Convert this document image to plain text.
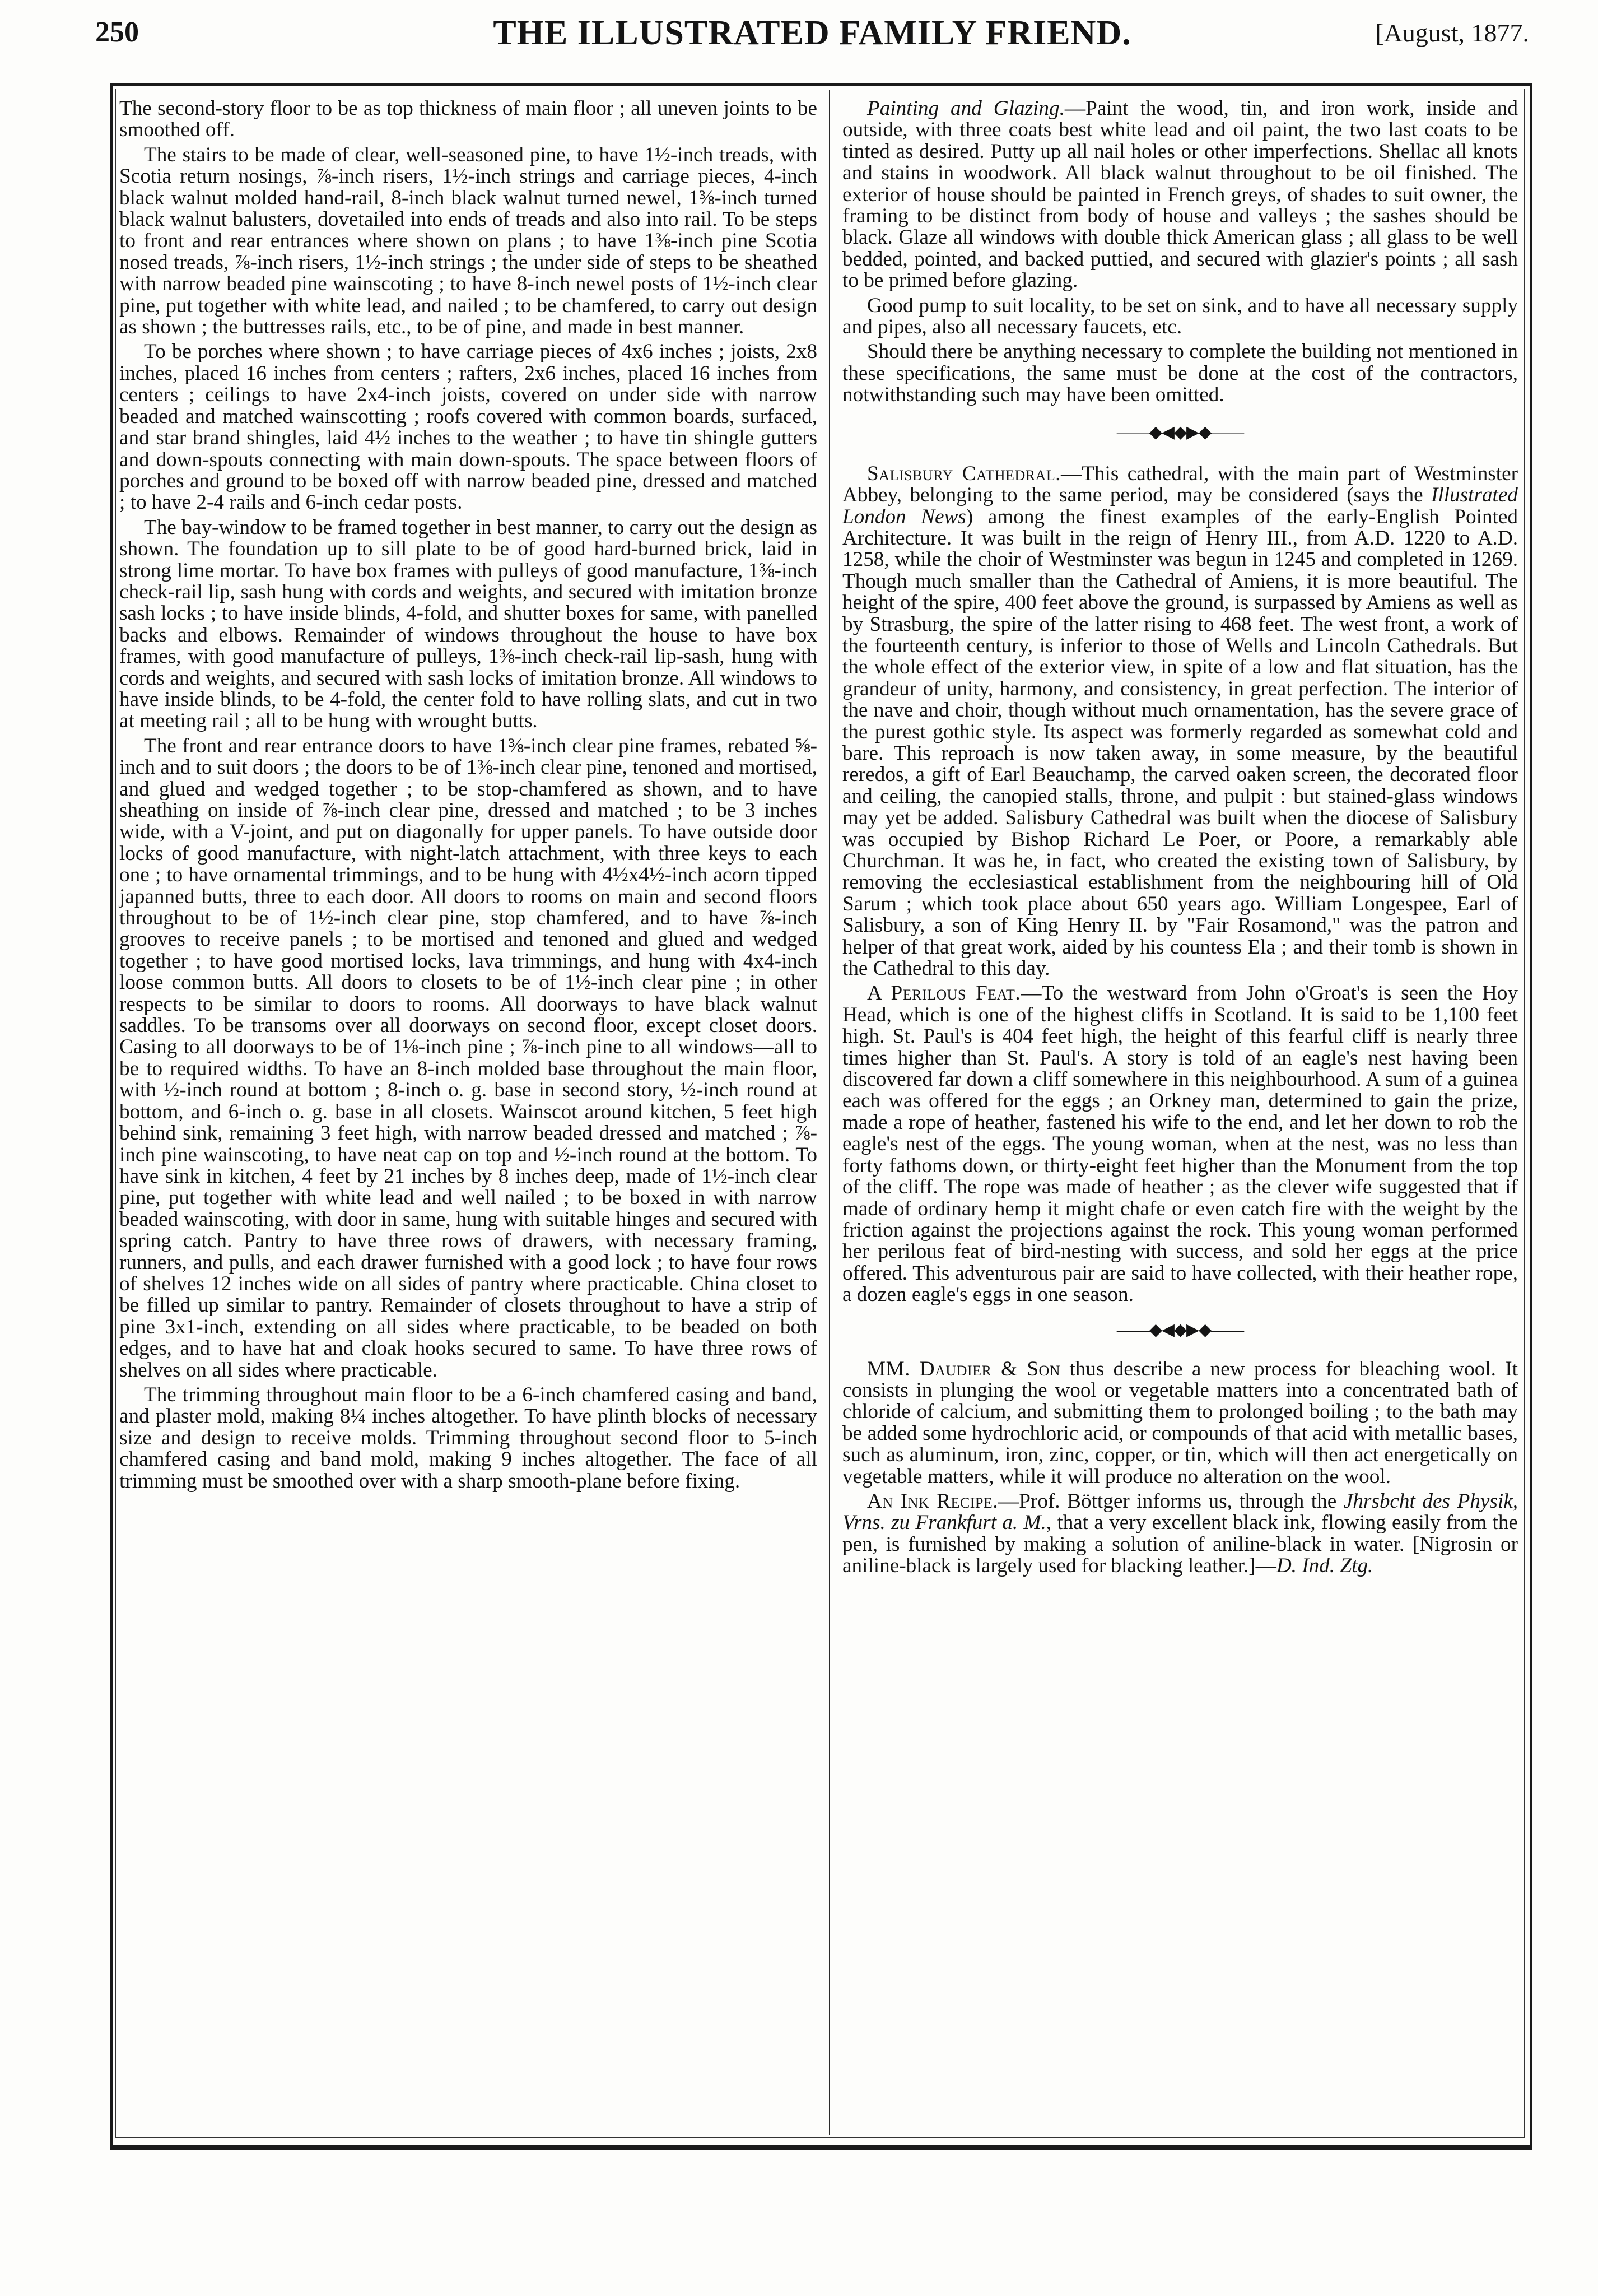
250	THE ILLUSTRATED FAMILY FRIEND.	[August, 1877.

The second-story floor to be as top thickness of main floor ; all uneven joints to be smoothed off.

The stairs to be made of clear, well-seasoned pine, to have 1½-inch treads, with Scotia return nosings, ⅞-inch risers, 1½-inch strings and carriage pieces, 4-inch black walnut molded hand-rail, 8-inch black walnut turned newel, 1⅜-inch turned black walnut balusters, dovetailed into ends of treads and also into rail. To be steps to front and rear entrances where shown on plans ; to have 1⅜-inch pine Scotia nosed treads, ⅞-inch risers, 1½-inch strings ; the under side of steps to be sheathed with narrow beaded pine wainscoting ; to have 8-inch newel posts of 1½-inch clear pine, put together with white lead, and nailed ; to be chamfered, to carry out design as shown ; the buttresses rails, etc., to be of pine, and made in best manner.

To be porches where shown ; to have carriage pieces of 4x6 inches ; joists, 2x8 inches, placed 16 inches from centers ; rafters, 2x6 inches, placed 16 inches from centers ; ceilings to have 2x4-inch joists, covered on under side with narrow beaded and matched wainscotting ; roofs covered with common boards, surfaced, and star brand shingles, laid 4½ inches to the weather ; to have tin shingle gutters and down-spouts connecting with main down-spouts. The space between floors of porches and ground to be boxed off with narrow beaded pine, dressed and matched ; to have 2-4 rails and 6-inch cedar posts.

The bay-window to be framed together in best manner, to carry out the design as shown. The foundation up to sill plate to be of good hard-burned brick, laid in strong lime mortar. To have box frames with pulleys of good manufacture, 1⅜-inch check-rail lip, sash hung with cords and weights, and secured with imitation bronze sash locks ; to have inside blinds, 4-fold, and shutter boxes for same, with panelled backs and elbows. Remainder of windows throughout the house to have box frames, with good manufacture of pulleys, 1⅜-inch check-rail lip-sash, hung with cords and weights, and secured with sash locks of imitation bronze. All windows to have inside blinds, to be 4-fold, the center fold to have rolling slats, and cut in two at meeting rail ; all to be hung with wrought butts.

The front and rear entrance doors to have 1⅜-inch clear pine frames, rebated ⅝-inch and to suit doors ; the doors to be of 1⅜-inch clear pine, tenoned and mortised, and glued and wedged together ; to be stop-chamfered as shown, and to have sheathing on inside of ⅞-inch clear pine, dressed and matched ; to be 3 inches wide, with a V-joint, and put on diagonally for upper panels. To have outside door locks of good manufacture, with night-latch attachment, with three keys to each one ; to have ornamental trimmings, and to be hung with 4½x4½-inch acorn tipped japanned butts, three to each door. All doors to rooms on main and second floors throughout to be of 1½-inch clear pine, stop chamfered, and to have ⅞-inch grooves to receive panels ; to be mortised and tenoned and glued and wedged together ; to have good mortised locks, lava trimmings, and hung with 4x4-inch loose common butts. All doors to closets to be of 1½-inch clear pine ; in other respects to be similar to doors to rooms. All doorways to have black walnut saddles. To be transoms over all doorways on second floor, except closet doors. Casing to all doorways to be of 1⅛-inch pine ; ⅞-inch pine to all windows—all to be to required widths. To have an 8-inch molded base throughout the main floor, with ½-inch round at bottom ; 8-inch o. g. base in second story, ½-inch round at bottom, and 6-inch o. g. base in all closets. Wainscot around kitchen, 5 feet high behind sink, remaining 3 feet high, with narrow beaded dressed and matched ; ⅞-inch pine wainscoting, to have neat cap on top and ½-inch round at the bottom. To have sink in kitchen, 4 feet by 21 inches by 8 inches deep, made of 1½-inch clear pine, put together with white lead and well nailed ; to be boxed in with narrow beaded wainscoting, with door in same, hung with suitable hinges and secured with spring catch. Pantry to have three rows of drawers, with necessary framing, runners, and pulls, and each drawer furnished with a good lock ; to have four rows of shelves 12 inches wide on all sides of pantry where practicable. China closet to be filled up similar to pantry. Remainder of closets throughout to have a strip of pine 3x1-inch, extending on all sides where practicable, to be beaded on both edges, and to have hat and cloak hooks secured to same. To have three rows of shelves on all sides where practicable.

The trimming throughout main floor to be a 6-inch chamfered casing and band, and plaster mold, making 8¼ inches altogether. To have plinth blocks of necessary size and design to receive molds. Trimming throughout second floor to 5-inch chamfered casing and band mold, making 9 inches altogether. The face of all trimming must be smoothed over with a sharp smooth-plane before fixing.

Painting and Glazing.—Paint the wood, tin, and iron work, inside and outside, with three coats best white lead and oil paint, the two last coats to be tinted as desired. Putty up all nail holes or other imperfections. Shellac all knots and stains in woodwork. All black walnut throughout to be oil finished. The exterior of house should be painted in French greys, of shades to suit owner, the framing to be distinct from body of house and valleys ; the sashes should be black. Glaze all windows with double thick American glass ; all glass to be well bedded, pointed, and backed puttied, and secured with glazier's points ; all sash to be primed before glazing.

Good pump to suit locality, to be set on sink, and to have all necessary supply and pipes, also all necessary faucets, etc.

Should there be anything necessary to complete the building not mentioned in these specifications, the same must be done at the cost of the contractors, notwithstanding such may have been omitted.

——◆◀◆▶◆——

Salisbury Cathedral.—This cathedral, with the main part of Westminster Abbey, belonging to the same period, may be considered (says the Illustrated London News) among the finest examples of the early-English Pointed Architecture. It was built in the reign of Henry III., from A.D. 1220 to A.D. 1258, while the choir of Westminster was begun in 1245 and completed in 1269. Though much smaller than the Cathedral of Amiens, it is more beautiful. The height of the spire, 400 feet above the ground, is surpassed by Amiens as well as by Strasburg, the spire of the latter rising to 468 feet. The west front, a work of the fourteenth century, is inferior to those of Wells and Lincoln Cathedrals. But the whole effect of the exterior view, in spite of a low and flat situation, has the grandeur of unity, harmony, and consistency, in great perfection. The interior of the nave and choir, though without much ornamentation, has the severe grace of the purest gothic style. Its aspect was formerly regarded as somewhat cold and bare. This reproach is now taken away, in some measure, by the beautiful reredos, a gift of Earl Beauchamp, the carved oaken screen, the decorated floor and ceiling, the canopied stalls, throne, and pulpit : but stained-glass windows may yet be added. Salisbury Cathedral was built when the diocese of Salisbury was occupied by Bishop Richard Le Poer, or Poore, a remarkably able Churchman. It was he, in fact, who created the existing town of Salisbury, by removing the ecclesiastical establishment from the neighbouring hill of Old Sarum ; which took place about 650 years ago. William Longespee, Earl of Salisbury, a son of King Henry II. by "Fair Rosamond," was the patron and helper of that great work, aided by his countess Ela ; and their tomb is shown in the Cathedral to this day.

A Perilous Feat.—To the westward from John o'Groat's is seen the Hoy Head, which is one of the highest cliffs in Scotland. It is said to be 1,100 feet high. St. Paul's is 404 feet high, the height of this fearful cliff is nearly three times higher than St. Paul's. A story is told of an eagle's nest having been discovered far down a cliff somewhere in this neighbourhood. A sum of a guinea each was offered for the eggs ; an Orkney man, determined to gain the prize, made a rope of heather, fastened his wife to the end, and let her down to rob the eagle's nest of the eggs. The young woman, when at the nest, was no less than forty fathoms down, or thirty-eight feet higher than the Monument from the top of the cliff. The rope was made of heather ; as the clever wife suggested that if made of ordinary hemp it might chafe or even catch fire with the weight by the friction against the projections against the rock. This young woman performed her perilous feat of bird-nesting with success, and sold her eggs at the price offered. This adventurous pair are said to have collected, with their heather rope, a dozen eagle's eggs in one season.

——◆◀◆▶◆——

MM. Daudier & Son thus describe a new process for bleaching wool. It consists in plunging the wool or vegetable matters into a concentrated bath of chloride of calcium, and submitting them to prolonged boiling ; to the bath may be added some hydrochloric acid, or compounds of that acid with metallic bases, such as aluminum, iron, zinc, copper, or tin, which will then act energetically on vegetable matters, while it will produce no alteration on the wool.

An Ink Recipe.—Prof. Böttger informs us, through the Jhrsbcht des Physik, Vrns. zu Frankfurt a. M., that a very excellent black ink, flowing easily from the pen, is furnished by making a solution of aniline-black in water. [Nigrosin or aniline-black is largely used for blacking leather.]—D. Ind. Ztg.
